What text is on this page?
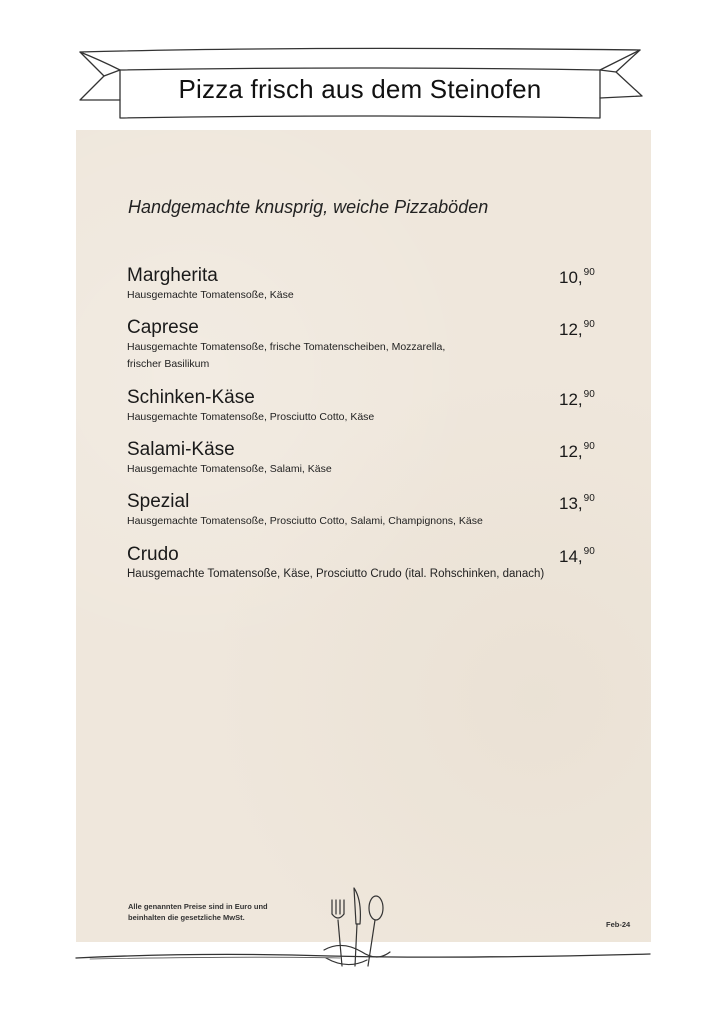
Pizza frisch aus dem Steinofen
Handgemachte knusprig, weiche Pizzaböden
Margherita
Hausgemachte Tomatensoße, Käse
10,90
Caprese
Hausgemachte Tomatensoße, frische Tomatenscheiben, Mozzarella,
frischer Basilikum
12,90
Schinken-Käse
Hausgemachte Tomatensoße, Prosciutto Cotto, Käse
12,90
Salami-Käse
Hausgemachte Tomatensoße, Salami, Käse
12,90
Spezial
Hausgemachte Tomatensoße, Prosciutto Cotto, Salami, Champignons, Käse
13,90
Crudo
Hausgemachte Tomatensoße, Käse, Prosciutto Crudo (ital. Rohschinken, danach)
14,90
Alle genannten Preise sind in Euro und
beinhalten die gesetzliche MwSt.
Feb-24
